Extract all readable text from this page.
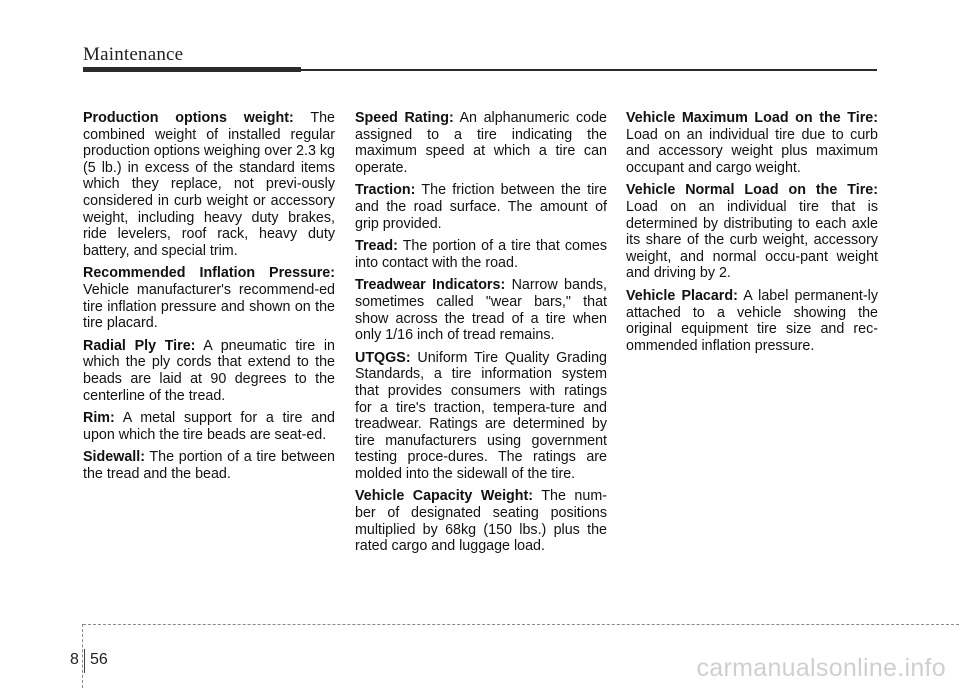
Maintenance

Production options weight: The combined weight of installed regular production options weighing over 2.3 kg (5 lb.) in excess of the standard items which they replace, not previ-ously considered in curb weight or accessory weight, including heavy duty brakes, ride levelers, roof rack, heavy duty battery, and special trim.

Recommended Inflation Pressure: Vehicle manufacturer's recommend-ed tire inflation pressure and shown on the tire placard.

Radial Ply Tire: A pneumatic tire in which the ply cords that extend to the beads are laid at 90 degrees to the centerline of the tread.

Rim: A metal support for a tire and upon which the tire beads are seat-ed.

Sidewall: The portion of a tire between the tread and the bead.

Speed Rating: An alphanumeric code assigned to a tire indicating the maximum speed at which a tire can operate.

Traction: The friction between the tire and the road surface. The amount of grip provided.

Tread: The portion of a tire that comes into contact with the road.

Treadwear Indicators: Narrow bands, sometimes called "wear bars," that show across the tread of a tire when only 1/16 inch of tread remains.

UTQGS: Uniform Tire Quality Grading Standards, a tire information system that provides consumers with ratings for a tire's traction, tempera-ture and treadwear. Ratings are determined by tire manufacturers using government testing proce-dures. The ratings are molded into the sidewall of the tire.

Vehicle Capacity Weight: The num-ber of designated seating positions multiplied by 68kg (150 lbs.) plus the rated cargo and luggage load.

Vehicle Maximum Load on the Tire: Load on an individual tire due to curb and accessory weight plus maximum occupant and cargo weight.

Vehicle Normal Load on the Tire: Load on an individual tire that is determined by distributing to each axle its share of the curb weight, accessory weight, and normal occu-pant weight and driving by 2.

Vehicle Placard: A label permanent-ly attached to a vehicle showing the original equipment tire size and rec-ommended inflation pressure.

8 56	carmanualsonline.info
